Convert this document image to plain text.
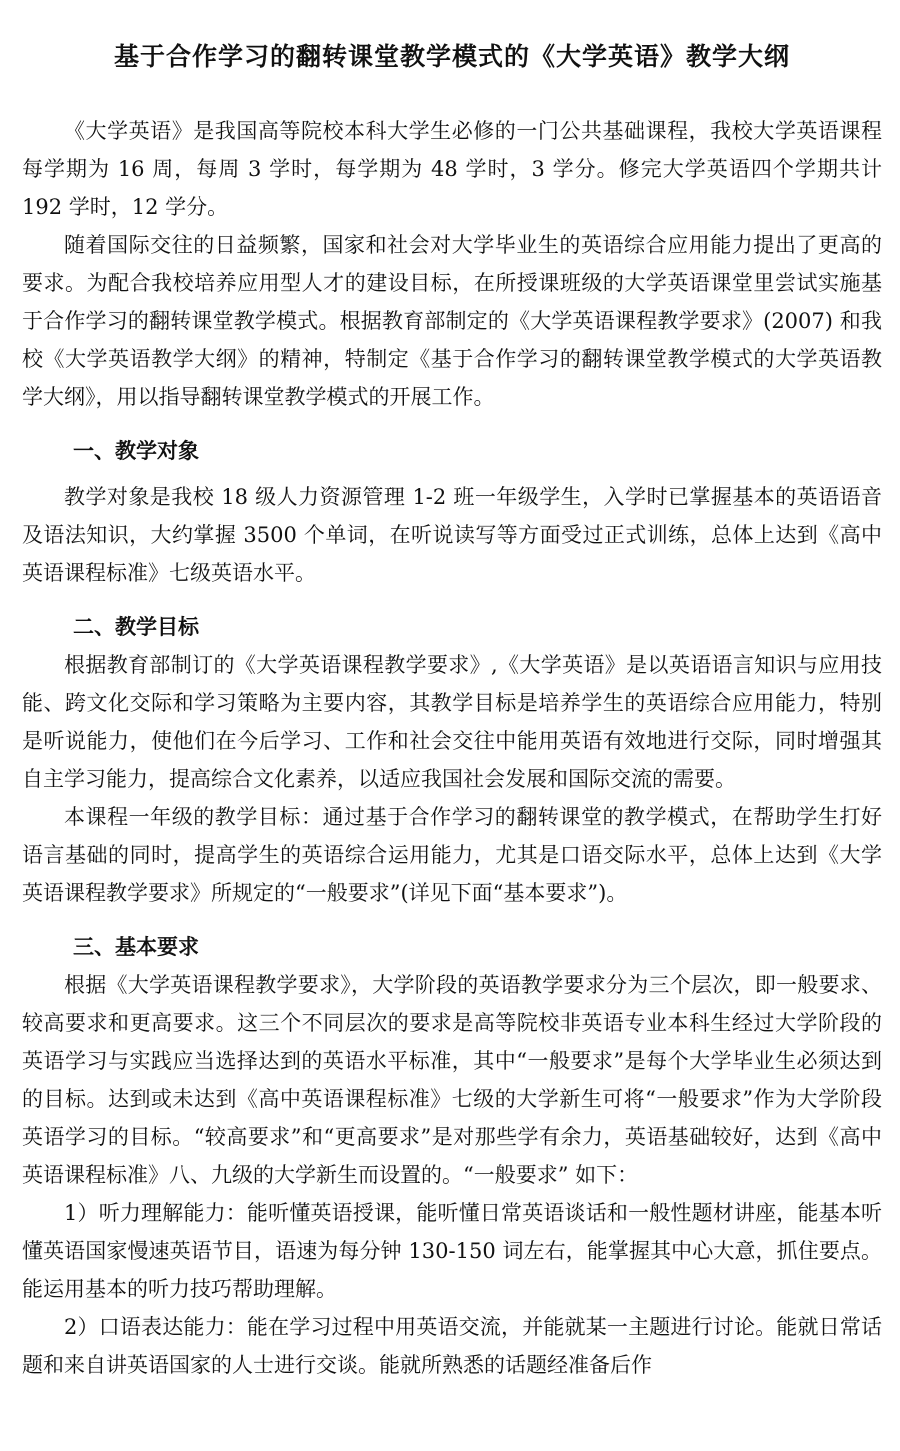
基于合作学习的翻转课堂教学模式的《大学英语》教学大纲

《大学英语》是我国高等院校本科大学生必修的一门公共基础课程，我校大学英语课程每学期为 16 周，每周 3 学时，每学期为 48 学时，3 学分。修完大学英语四个学期共计 192 学时，12 学分。

随着国际交往的日益频繁，国家和社会对大学毕业生的英语综合应用能力提出了更高的要求。为配合我校培养应用型人才的建设目标，在所授课班级的大学英语课堂里尝试实施基于合作学习的翻转课堂教学模式。根据教育部制定的《大学英语课程教学要求》(2007) 和我校《大学英语教学大纲》的精神，特制定《基于合作学习的翻转课堂教学模式的大学英语教学大纲》，用以指导翻转课堂教学模式的开展工作。

一、教学对象

教学对象是我校 18 级人力资源管理 1-2 班一年级学生，入学时已掌握基本的英语语音及语法知识，大约掌握 3500 个单词，在听说读写等方面受过正式训练，总体上达到《高中英语课程标准》七级英语水平。

二、教学目标

根据教育部制订的《大学英语课程教学要求》,《大学英语》是以英语语言知识与应用技能、跨文化交际和学习策略为主要内容，其教学目标是培养学生的英语综合应用能力，特别是听说能力，使他们在今后学习、工作和社会交往中能用英语有效地进行交际，同时增强其自主学习能力，提高综合文化素养，以适应我国社会发展和国际交流的需要。

本课程一年级的教学目标：通过基于合作学习的翻转课堂的教学模式，在帮助学生打好语言基础的同时，提高学生的英语综合运用能力，尤其是口语交际水平，总体上达到《大学英语课程教学要求》所规定的“一般要求”(详见下面“基本要求”)。

三、基本要求

根据《大学英语课程教学要求》，大学阶段的英语教学要求分为三个层次，即一般要求、较高要求和更高要求。这三个不同层次的要求是高等院校非英语专业本科生经过大学阶段的英语学习与实践应当选择达到的英语水平标准，其中“一般要求”是每个大学毕业生必须达到的目标。达到或未达到《高中英语课程标准》七级的大学新生可将“一般要求”作为大学阶段英语学习的目标。“较高要求”和“更高要求”是对那些学有余力，英语基础较好，达到《高中英语课程标准》八、九级的大学新生而设置的。“一般要求” 如下：

1）听力理解能力：能听懂英语授课，能听懂日常英语谈话和一般性题材讲座，能基本听懂英语国家慢速英语节目，语速为每分钟 130-150 词左右，能掌握其中心大意，抓住要点。能运用基本的听力技巧帮助理解。

2）口语表达能力：能在学习过程中用英语交流，并能就某一主题进行讨论。能就日常话题和来自讲英语国家的人士进行交谈。能就所熟悉的话题经准备后作
